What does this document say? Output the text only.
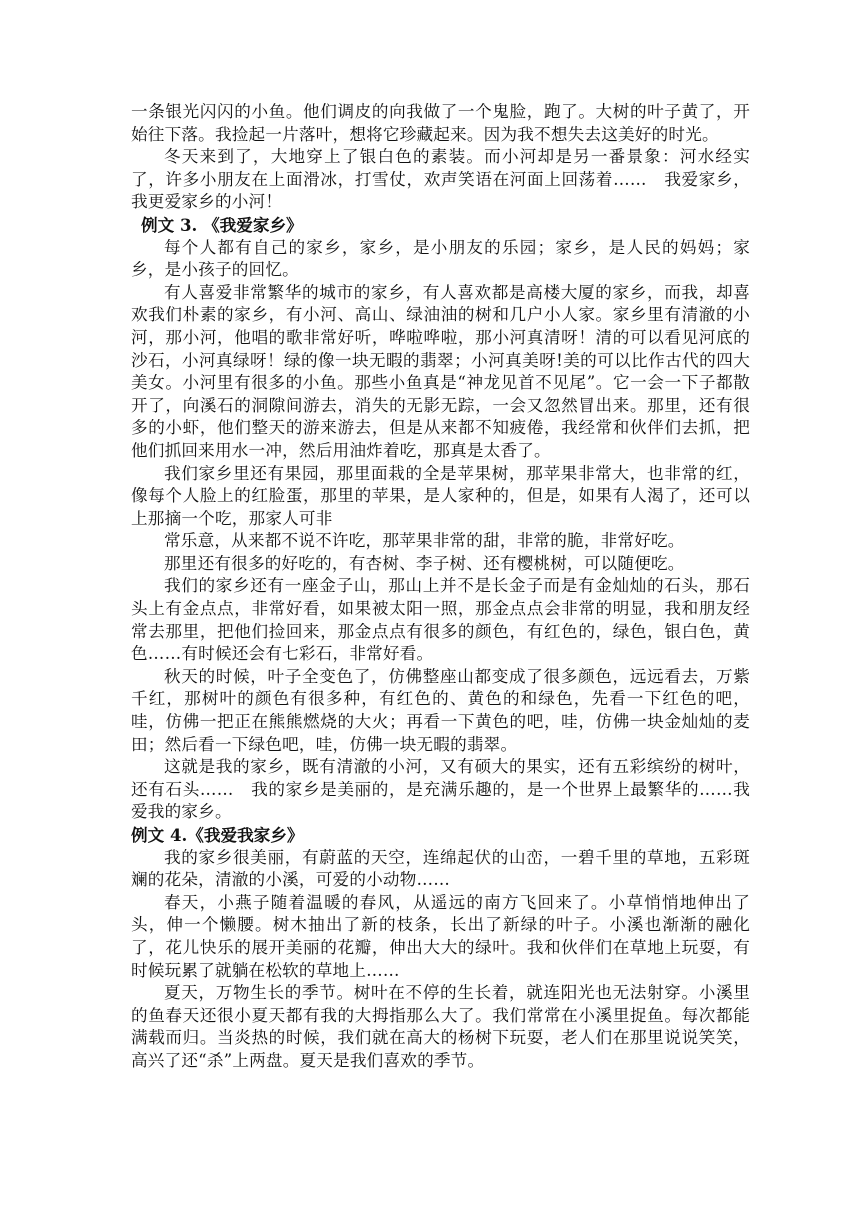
一条银光闪闪的小鱼。他们调皮的向我做了一个鬼脸，跑了。大树的叶子黄了，开始往下落。我捡起一片落叶，想将它珍藏起来。因为我不想失去这美好的时光。

冬天来到了，大地穿上了银白色的素装。而小河却是另一番景象：河水经实了，许多小朋友在上面滑冰，打雪仗，欢声笑语在河面上回荡着……　我爱家乡，我更爱家乡的小河！

例文 3. 《我爱家乡》

每个人都有自己的家乡，家乡，是小朋友的乐园；家乡，是人民的妈妈；家乡，是小孩子的回忆。

有人喜爱非常繁华的城市的家乡，有人喜欢都是高楼大厦的家乡，而我，却喜欢我们朴素的家乡，有小河、高山、绿油油的树和几户小人家。家乡里有清澈的小河，那小河，他唱的歌非常好听，哗啦哗啦，那小河真清呀！清的可以看见河底的沙石，小河真绿呀！绿的像一块无暇的翡翠；小河真美呀!美的可以比作古代的四大美女。小河里有很多的小鱼。那些小鱼真是“神龙见首不见尾”。它一会一下子都散开了，向溪石的洞隙间游去，消失的无影无踪，一会又忽然冒出来。那里，还有很多的小虾，他们整天的游来游去，但是从来都不知疲倦，我经常和伙伴们去抓，把他们抓回来用水一冲，然后用油炸着吃，那真是太香了。

我们家乡里还有果园，那里面栽的全是苹果树，那苹果非常大，也非常的红，像每个人脸上的红脸蛋，那里的苹果，是人家种的，但是，如果有人渴了，还可以上那摘一个吃，那家人可非

常乐意，从来都不说不许吃，那苹果非常的甜，非常的脆，非常好吃。

那里还有很多的好吃的，有杏树、李子树、还有樱桃树，可以随便吃。

我们的家乡还有一座金子山，那山上并不是长金子而是有金灿灿的石头，那石头上有金点点，非常好看，如果被太阳一照，那金点点会非常的明显，我和朋友经常去那里，把他们捡回来，那金点点有很多的颜色，有红色的，绿色，银白色，黄色……有时候还会有七彩石，非常好看。

秋天的时候，叶子全变色了，仿佛整座山都变成了很多颜色，远远看去，万紫千红，那树叶的颜色有很多种，有红色的、黄色的和绿色，先看一下红色的吧，哇，仿佛一把正在熊熊燃烧的大火；再看一下黄色的吧，哇，仿佛一块金灿灿的麦田；然后看一下绿色吧，哇，仿佛一块无暇的翡翠。

这就是我的家乡，既有清澈的小河，又有硕大的果实，还有五彩缤纷的树叶，还有石头……　我的家乡是美丽的，是充满乐趣的，是一个世界上最繁华的……我爱我的家乡。

例文 4.《我爱我家乡》

我的家乡很美丽，有蔚蓝的天空，连绵起伏的山峦，一碧千里的草地，五彩斑斓的花朵，清澈的小溪，可爱的小动物……

春天，小燕子随着温暖的春风，从遥远的南方飞回来了。小草悄悄地伸出了头，伸一个懒腰。树木抽出了新的枝条，长出了新绿的叶子。小溪也渐渐的融化了，花儿快乐的展开美丽的花瓣，伸出大大的绿叶。我和伙伴们在草地上玩耍，有时候玩累了就躺在松软的草地上……

夏天，万物生长的季节。树叶在不停的生长着，就连阳光也无法射穿。小溪里的鱼春天还很小夏天都有我的大拇指那么大了。我们常常在小溪里捉鱼。每次都能满载而归。当炎热的时候，我们就在高大的杨树下玩耍，老人们在那里说说笑笑，高兴了还“杀”上两盘。夏天是我们喜欢的季节。
